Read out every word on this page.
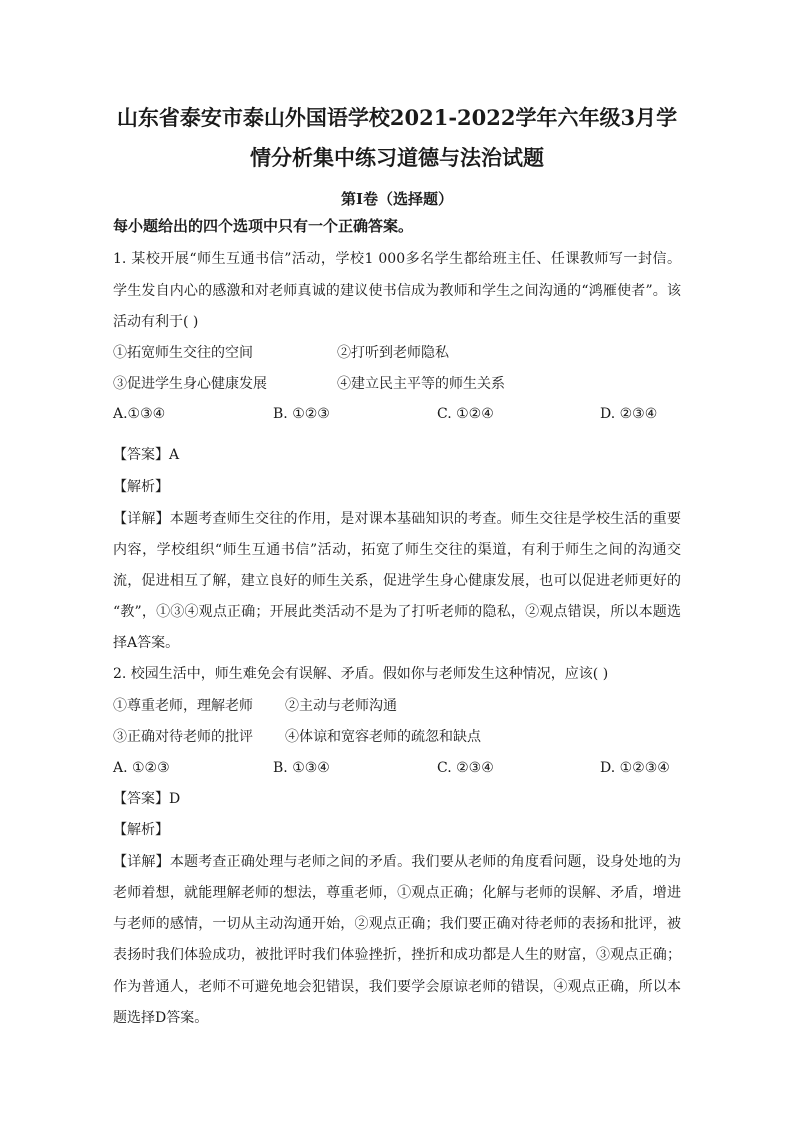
山东省泰安市泰山外国语学校2021-2022学年六年级3月学
情分析集中练习道德与法治试题
第I卷（选择题）
每小题给出的四个选项中只有一个正确答案。
1. 某校开展“师生互通书信”活动，学校1 000多名学生都给班主任、任课教师写一封信。
学生发自内心的感激和对老师真诚的建议使书信成为教师和学生之间沟通的“鸿雁使者”。该
活动有利于( )
①拓宽师生交往的空间	②打听到老师隐私
③促进学生身心健康发展	④建立民主平等的师生关系
A.①③④	B. ①②③	C. ①②④	D. ②③④
【答案】A
【解析】
【详解】本题考查师生交往的作用，是对课本基础知识的考查。师生交往是学校生活的重要
内容，学校组织“师生互通书信”活动，拓宽了师生交往的渠道，有利于师生之间的沟通交
流，促进相互了解，建立良好的师生关系，促进学生身心健康发展，也可以促进老师更好的
“教”，①③④观点正确；开展此类活动不是为了打听老师的隐私，②观点错误，所以本题选
择A答案。
2. 校园生活中，师生难免会有误解、矛盾。假如你与老师发生这种情况，应该( )
①尊重老师，理解老师 ②主动与老师沟通
③正确对待老师的批评 ④体谅和宽容老师的疏忽和缺点
A. ①②③	B. ①③④	C. ②③④	D. ①②③④
【答案】D
【解析】
【详解】本题考查正确处理与老师之间的矛盾。我们要从老师的角度看问题，设身处地的为
老师着想，就能理解老师的想法，尊重老师，①观点正确；化解与老师的误解、矛盾，增进
与老师的感情，一切从主动沟通开始，②观点正确；我们要正确对待老师的表扬和批评，被
表扬时我们体验成功，被批评时我们体验挫折，挫折和成功都是人生的财富，③观点正确；
作为普通人，老师不可避免地会犯错误，我们要学会原谅老师的错误，④观点正确，所以本
题选择D答案。
